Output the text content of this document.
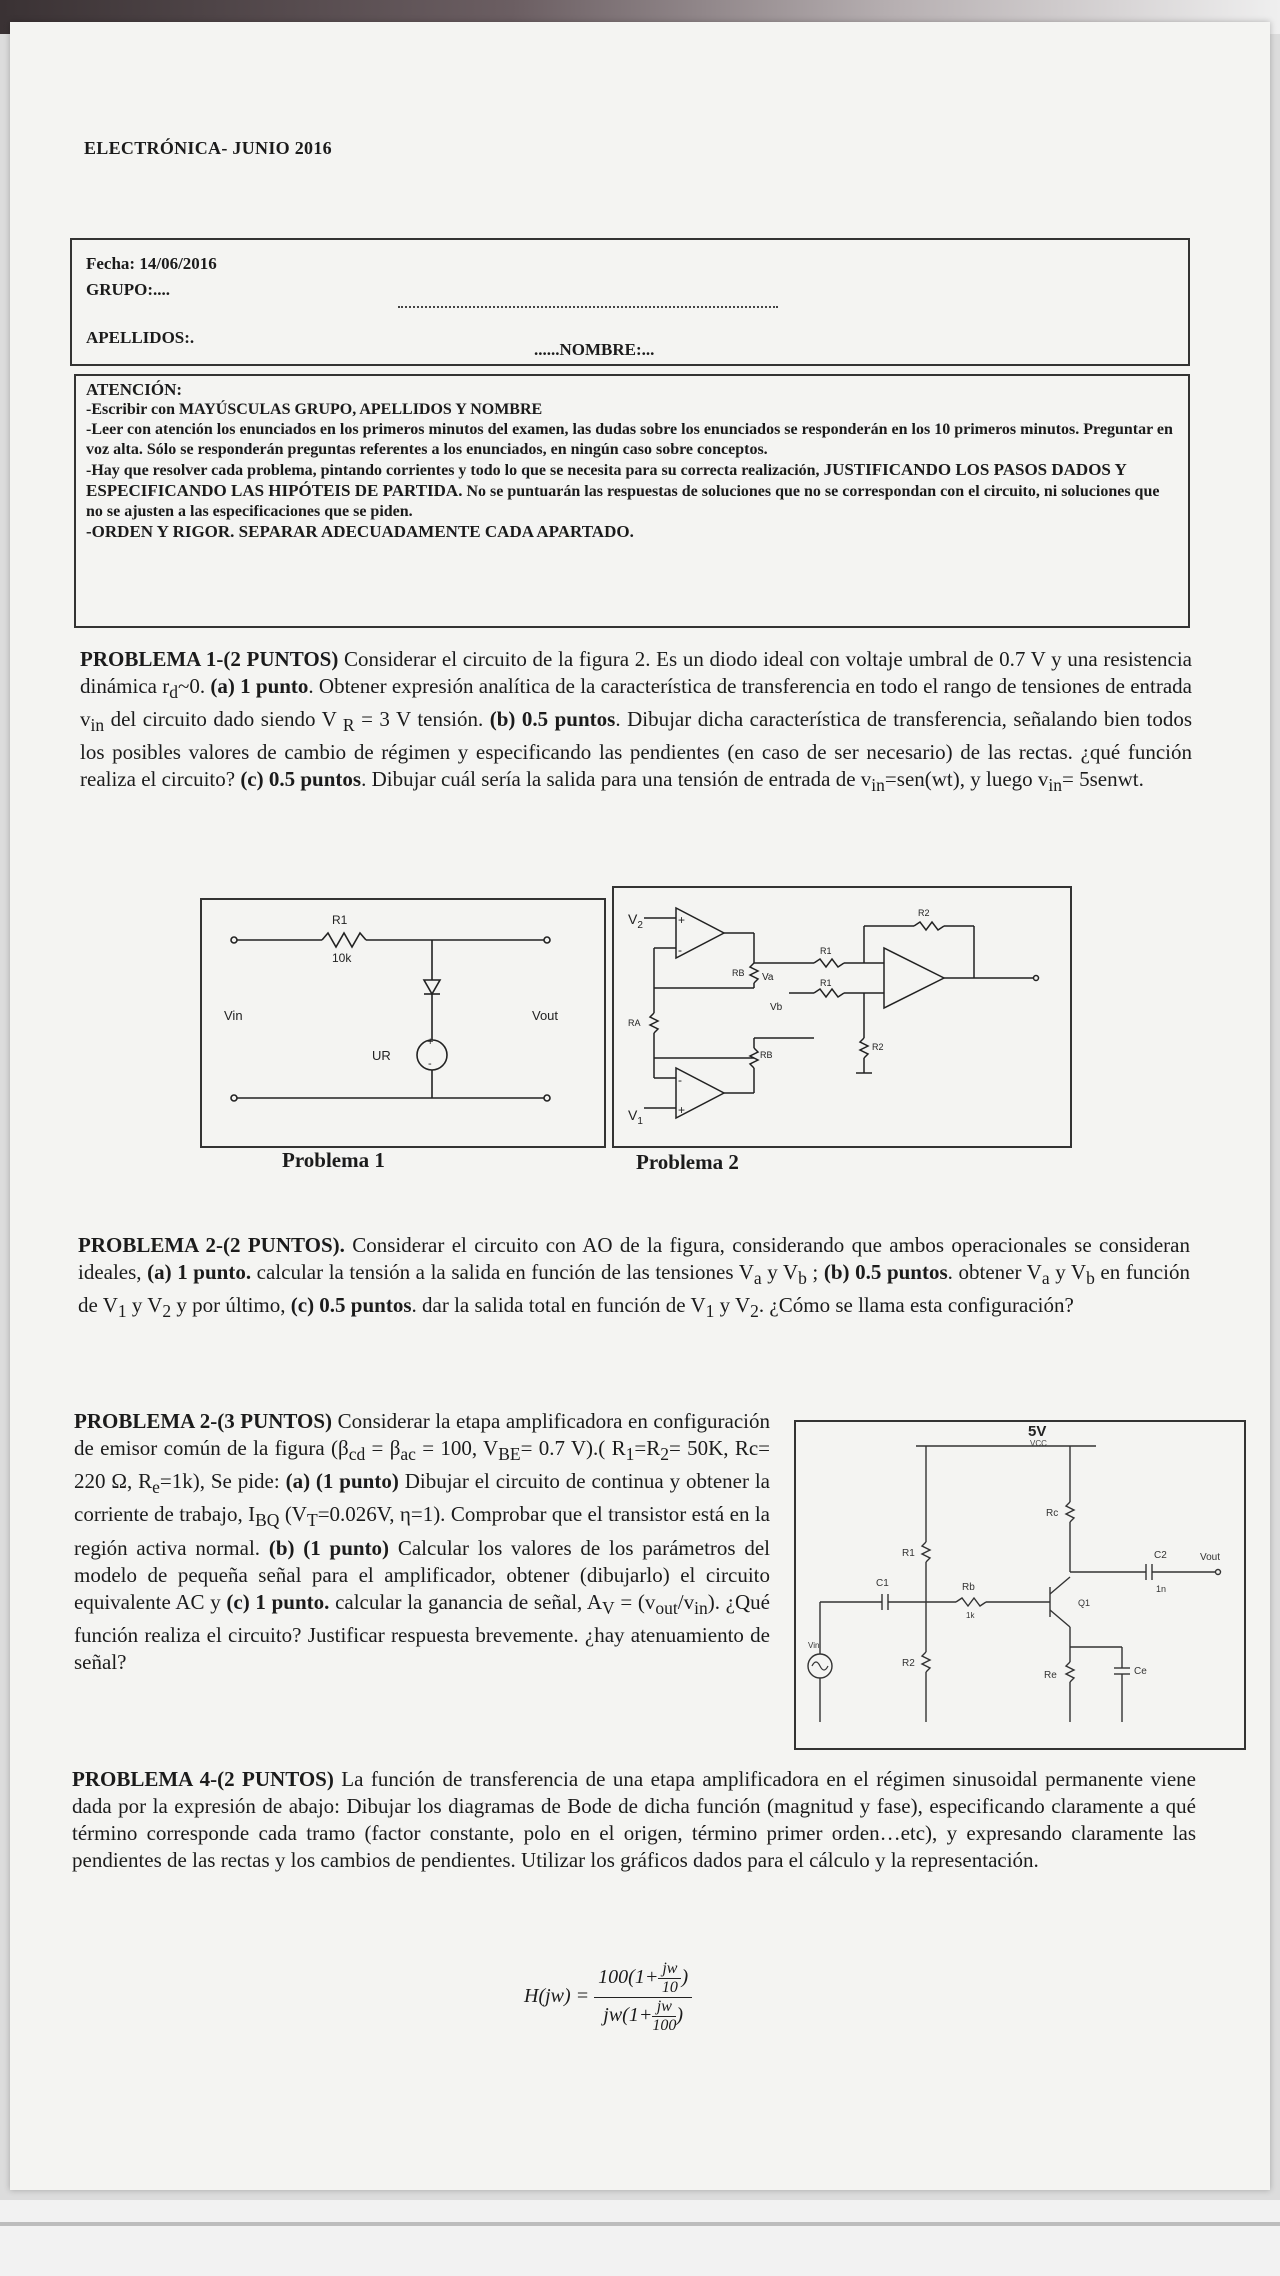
ELECTRÓNICA- JUNIO 2016
Fecha: 14/06/2016
GRUPO:....
APELLIDOS:.
......NOMBRE:...

ATENCIÓN:

-Escribir con MAYÚSCULAS GRUPO, APELLIDOS Y NOMBRE

-Leer con atención los enunciados en los primeros minutos del examen, las dudas sobre los enunciados se responderán en los 10 primeros minutos. Preguntar en voz alta. Sólo se responderán preguntas referentes a los enunciados, en ningún caso sobre conceptos.

-Hay que resolver cada problema, pintando corrientes y todo lo que se necesita para su correcta realización, JUSTIFICANDO LOS PASOS DADOS Y ESPECIFICANDO LAS HIPÓTEIS DE PARTIDA. No se puntuarán las respuestas de soluciones que no se correspondan con el circuito, ni soluciones que no se ajusten a las especificaciones que se piden.

-ORDEN Y RIGOR. SEPARAR ADECUADAMENTE CADA APARTADO.

PROBLEMA 1-(2 PUNTOS) Considerar el circuito de la figura 2. Es un diodo ideal con voltaje umbral de 0.7 V y una resistencia dinámica $r_d\sim 0$. (a) 1 punto. Obtener expresión analítica de la característica de transferencia en todo el rango de tensiones de entrada $v_{in}$ del circuito dado siendo V $_R$ = 3 V tensión. (b) 0.5 puntos. Dibujar dicha característica de transferencia, señalando bien todos los posibles valores de cambio de régimen y especificando las pendientes (en caso de ser necesario) de las rectas. ¿qué función realiza el circuito? (c) 0.5 puntos. Dibujar cuál sería la salida para una tensión de entrada de $v_{in}=sen(wt)$, y luego $v_{in}=$ 5senwt.
+
-
R1
10k
Vin	Vout
UR
Problema 1
+
-
-
+
$V_2$
$V_1$
RB
RB
RA
R1
R1
R2
R2
Va
Vb
Problema 2
PROBLEMA 2-(2 PUNTOS). Considerar el circuito con AO de la figura, considerando que ambos operacionales se consideran ideales, (a) 1 punto. calcular la tensión a la salida en función de las tensiones $V_a$ y $V_b$ ; (b) 0.5 puntos. obtener $V_a$ y $V_b$ en función de $V_1$ y $V_2$ y por último, (c) 0.5 puntos. dar la salida total en función de $V_1$ y $V_2$. ¿Cómo se llama esta configuración?
PROBLEMA 2-(3 PUNTOS) Considerar la etapa amplificadora en configuración de emisor común de la figura ($\beta_{cd} = \beta_{ac} = 100$, $V_{BE}= 0.7$ V).( $R_1=R_2= 50K$, Rc= 220 Ω, $R_e=1k$), Se pide: (a) (1 punto) Dibujar el circuito de continua y obtener la corriente de trabajo, $I_{BQ}$ ($V_T=0.026V$, η=1). Comprobar que el transistor está en la región activa normal. (b) (1 punto) Calcular los valores de los parámetros del modelo de pequeña señal para el amplificador, obtener (dibujarlo) el circuito equivalente AC y (c) 1 punto. calcular la ganancia de señal, $A_V = (v_{out}/v_{in})$. ¿Qué función realiza el circuito? Justificar respuesta brevemente. ¿hay atenuamiento de señal?
5V
VCC
Rc
R1
R2
Rb
1k
C1
C2
1n
Q1
Re	Ce
Vin
Vout
PROBLEMA 4-(2 PUNTOS) La función de transferencia de una etapa amplificadora en el régimen sinusoidal permanente viene dada por la expresión de abajo: Dibujar los diagramas de Bode de dicha función (magnitud y fase), especificando claramente a qué término corresponde cada tramo (factor constante, polo en el origen, término primer orden…etc), y expresando claramente las pendientes de las rectas y los cambios de pendientes. Utilizar los gráficos dados para el cálculo y la representación.
$H(jw) = \frac{100(1+ \frac{jw}{10})}{jw(1+ \frac{jw}{100})}$
